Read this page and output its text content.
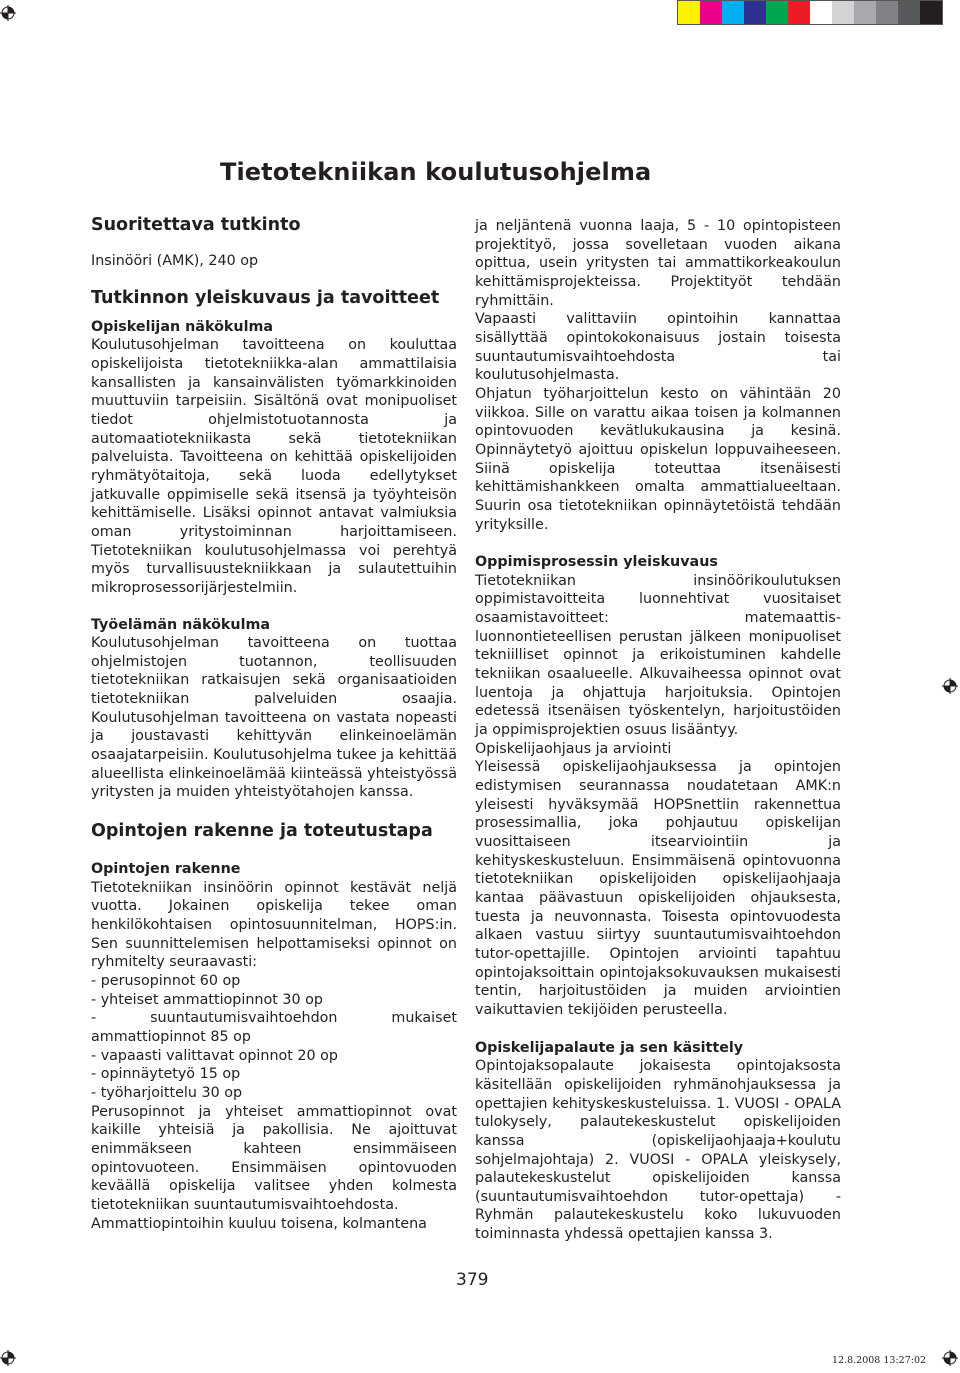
Tietotekniikan koulutusohjelma
Suoritettava tutkinto

Insinööri (AMK), 240 op

Tutkinnon yleiskuvaus ja tavoitteet
Opiskelijan näkökulma

Koulutusohjelman tavoitteena on kouluttaa opiskelijoista tietotekniikka-alan ammattilaisia kansallisten ja kansainvälisten työmarkkinoiden muuttuviin tarpeisiin. Sisältönä ovat monipuoliset tiedot ohjelmistotuotannosta ja automaatiotekniikasta sekä tietotekniikan palveluista. Tavoitteena on kehittää opiskelijoiden ryhmätyötaitoja, sekä luoda edellytykset jatkuvalle oppimiselle sekä itsensä ja työyhteisön kehittämiselle. Lisäksi opinnot antavat valmiuksia oman yritystoiminnan harjoittamiseen. Tietotekniikan koulutusohjelmassa voi perehtyä myös turvallisuustekniikkaan ja sulautettuihin mikroprosessorijärjestelmiin.

Työelämän näkökulma

Koulutusohjelman tavoitteena on tuottaa ohjelmistojen tuotannon, teollisuuden tietotekniikan ratkaisujen sekä organisaatioiden tietotekniikan palveluiden osaajia. Koulutusohjelman tavoitteena on vastata nopeasti ja joustavasti kehittyvän elinkeinoelämän osaajatarpeisiin. Koulutusohjelma tukee ja kehittää alueellista elinkeinoelämää kiinteässä yhteistyössä yritysten ja muiden yhteistyötahojen kanssa.

Opintojen rakenne ja toteutustapa
Opintojen rakenne

Tietotekniikan insinöörin opinnot kestävät neljä vuotta. Jokainen opiskelija tekee oman henkilökohtaisen opintosuunnitelman, HOPS:in. Sen suunnittelemisen helpottamiseksi opinnot on ryhmitelty seuraavasti:

- perusopinnot 60 op

- yhteiset ammattiopinnot 30 op

- suuntautumisvaihtoehdon mukaiset ammattiopinnot 85 op

- vapaasti valittavat opinnot 20 op

- opinnäytetyö 15 op

- työharjoittelu 30 op

Perusopinnot ja yhteiset ammattiopinnot ovat kaikille yhteisiä ja pakollisia. Ne ajoittuvat enimmäkseen kahteen ensimmäiseen opintovuoteen. Ensimmäisen opintovuoden keväällä opiskelija valitsee yhden kolmesta tietotekniikan suuntautumisvaihtoehdosta.

Ammattiopintoihin kuuluu toisena, kolmantena

ja neljäntenä vuonna laaja, 5 - 10 opintopisteen projektityö, jossa sovelletaan vuoden aikana opittua, usein yritysten tai ammattikorkeakoulun kehittämisprojekteissa. Projektityöt tehdään ryhmittäin.

Vapaasti valittaviin opintoihin kannattaa sisällyttää opintokokonaisuus jostain toisesta suuntautumisvaihtoehdosta tai koulutusohjelmasta.

Ohjatun työharjoittelun kesto on vähintään 20 viikkoa. Sille on varattu aikaa toisen ja kolmannen opintovuoden kevätlukukausina ja kesinä. Opinnäytetyö ajoittuu opiskelun loppuvaiheeseen. Siinä opiskelija toteuttaa itsenäisesti kehittämishankkeen omalta ammattialueeltaan. Suurin osa tietotekniikan opinnäytetöistä tehdään yrityksille.

Oppimisprosessin yleiskuvaus

Tietotekniikan insinöörikoulutuksen oppimistavoitteita luonnehtivat vuositaiset osaamistavoitteet: matemaattis-luonnontieteellisen perustan jälkeen monipuoliset tekniilliset opinnot ja erikoistuminen kahdelle tekniikan osaalueelle. Alkuvaiheessa opinnot ovat luentoja ja ohjattuja harjoituksia. Opintojen edetessä itsenäisen työskentelyn, harjoitustöiden ja oppimisprojektien osuus lisääntyy.

Opiskelijaohjaus ja arviointi

Yleisessä opiskelijaohjauksessa ja opintojen edistymisen seurannassa noudatetaan AMK:n yleisesti hyväksymää HOPSnettiin rakennettua prosessimallia, joka pohjautuu opiskelijan vuosittaiseen itsearviointiin ja kehityskeskusteluun. Ensimmäisenä opintovuonna tietotekniikan opiskelijoiden opiskelijaohjaaja kantaa päävastuun opiskelijoiden ohjauksesta, tuesta ja neuvonnasta. Toisesta opintovuodesta alkaen vastuu siirtyy suuntautumisvaihtoehdon tutor-opettajille. Opintojen arviointi tapahtuu opintojaksoittain opintojaksokuvauksen mukaisesti tentin, harjoitustöiden ja muiden arviointien vaikuttavien tekijöiden perusteella.

Opiskelijapalaute ja sen käsittely

Opintojaksopalaute jokaisesta opintojaksosta käsitellään opiskelijoiden ryhmänohjauksessa ja opettajien kehityskeskusteluissa. 1. VUOSI - OPALA tulokysely, palautekeskustelut opiskelijoiden kanssa (opiskelijaohjaaja+koulutu sohjelmajohtaja) 2. VUOSI - OPALA yleiskysely, palautekeskustelut opiskelijoiden kanssa (suuntautumisvaihtoehdon tutor-opettaja) - Ryhmän palautekeskustelu koko lukuvuoden toiminnasta yhdessä opettajien kanssa 3.

379

12.8.2008 13:27:02
